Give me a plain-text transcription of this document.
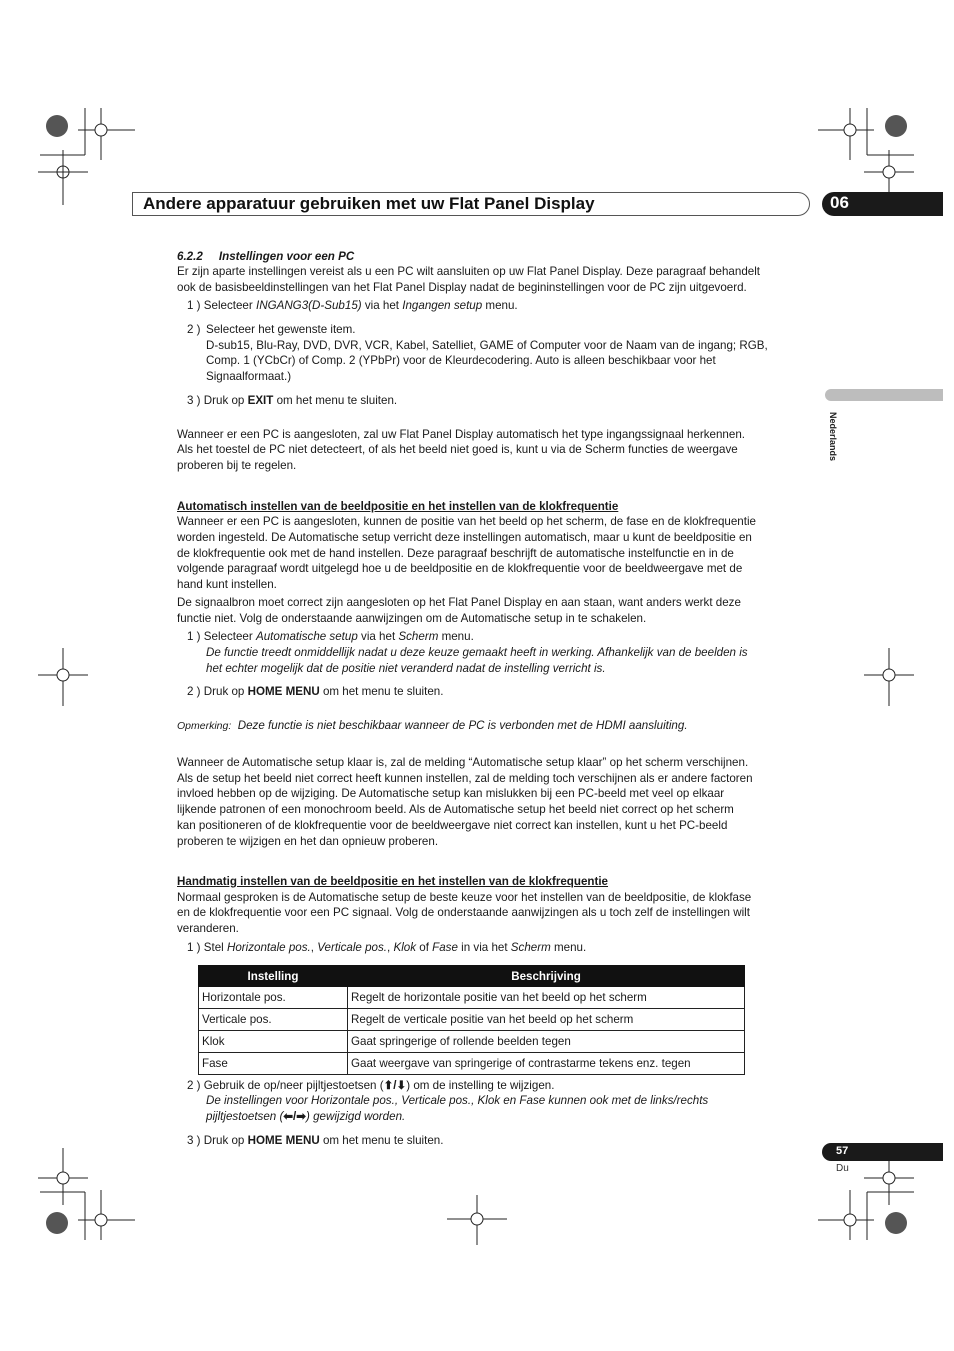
Andere apparatuur gebruiken met uw Flat Panel Display	06
Nederlands
6.2.2 Instellingen voor een PC
Er zijn aparte instellingen vereist als u een PC wilt aansluiten op uw Flat Panel Display. Deze paragraaf behandelt
ook de basisbeeldinstellingen van het Flat Panel Display nadat de begininstellingen voor de PC zijn uitgevoerd.
1 ) Selecteer INGANG3(D-Sub15) via het Ingangen setup menu.
2 ) Selecteer het gewenste item.
D-sub15, Blu-Ray, DVD, DVR, VCR, Kabel, Satelliet, GAME of Computer voor de Naam van de ingang; RGB,
Comp. 1 (YCbCr) of Comp. 2 (YPbPr) voor de Kleurdecodering. Auto is alleen beschikbaar voor het
Signaalformaat.)
3 ) Druk op EXIT om het menu te sluiten.
Wanneer er een PC is aangesloten, zal uw Flat Panel Display automatisch het type ingangssignaal herkennen.
Als het toestel de PC niet detecteert, of als het beeld niet goed is, kunt u via de Scherm functies de weergave
proberen bij te regelen.
Automatisch instellen van de beeldpositie en het instellen van de klokfrequentie
Wanneer er een PC is aangesloten, kunnen de positie van het beeld op het scherm, de fase en de klokfrequentie
worden ingesteld. De Automatische setup verricht deze instellingen automatisch, maar u kunt de beeldpositie en
de klokfrequentie ook met de hand instellen. Deze paragraaf beschrijft de automatische instelfunctie en in de
volgende paragraaf wordt uitgelegd hoe u de beeldpositie en de klokfrequentie voor de beeldweergave met de
hand kunt instellen.
De signaalbron moet correct zijn aangesloten op het Flat Panel Display en aan staan, want anders werkt deze
functie niet. Volg de onderstaande aanwijzingen om de Automatische setup in te schakelen.
1 ) Selecteer Automatische setup via het Scherm menu.
De functie treedt onmiddellijk nadat u deze keuze gemaakt heeft in werking. Afhankelijk van de beelden is
het echter mogelijk dat de positie niet veranderd nadat de instelling verricht is.
2 ) Druk op HOME MENU om het menu te sluiten.
Opmerking: Deze functie is niet beschikbaar wanneer de PC is verbonden met de HDMI aansluiting.
Wanneer de Automatische setup klaar is, zal de melding “Automatische setup klaar” op het scherm verschijnen.
Als de setup het beeld niet correct heeft kunnen instellen, zal de melding toch verschijnen als er andere factoren
invloed hebben op de wijziging. De Automatische setup kan mislukken bij een PC-beeld met veel op elkaar
lijkende patronen of een monochroom beeld. Als de Automatische setup het beeld niet correct op het scherm
kan positioneren of de klokfrequentie voor de beeldweergave niet correct kan instellen, kunt u het PC-beeld
proberen te wijzigen en het dan opnieuw proberen.
Handmatig instellen van de beeldpositie en het instellen van de klokfrequentie
Normaal gesproken is de Automatische setup de beste keuze voor het instellen van de beeldpositie, de klokfase
en de klokfrequentie voor een PC signaal. Volg de onderstaande aanwijzingen als u toch zelf de instellingen wilt
veranderen.
1 ) Stel Horizontale pos., Verticale pos., Klok of Fase in via het Scherm menu.
Instelling	Beschrijving
Horizontale pos.	Regelt de horizontale positie van het beeld op het scherm
Verticale pos.	Regelt de verticale positie van het beeld op het scherm
Klok	Gaat springerige of rollende beelden tegen
Fase	Gaat weergave van springerige of contrastarme tekens enz. tegen
2 ) Gebruik de op/neer pijltjestoetsen (⬆/⬇) om de instelling te wijzigen.
De instellingen voor Horizontale pos., Verticale pos., Klok en Fase kunnen ook met de links/rechts
pijltjestoetsen (⬅/➡) gewijzigd worden.
3 ) Druk op HOME MENU om het menu te sluiten.
57
Du
